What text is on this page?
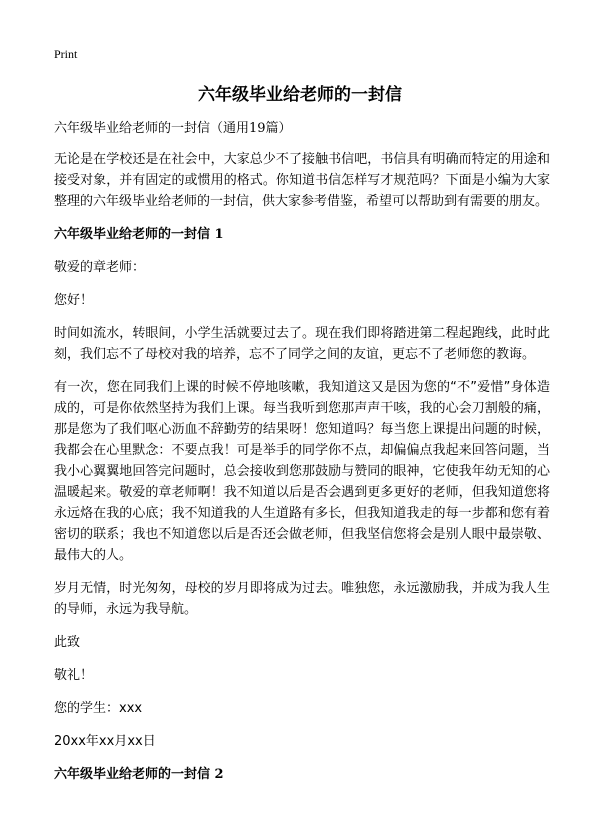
Print
六年级毕业给老师的一封信

六年级毕业给老师的一封信（通用19篇）

无论是在学校还是在社会中，大家总少不了接触书信吧，书信具有明确而特定的用途和接受对象，并有固定的或惯用的格式。你知道书信怎样写才规范吗？下面是小编为大家整理的六年级毕业给老师的一封信，供大家参考借鉴，希望可以帮助到有需要的朋友。

六年级毕业给老师的一封信 1

敬爱的章老师：

您好！

时间如流水，转眼间，小学生活就要过去了。现在我们即将踏进第二程起跑线，此时此刻，我们忘不了母校对我的培养，忘不了同学之间的友谊，更忘不了老师您的教诲。

有一次，您在同我们上课的时候不停地咳嗽，我知道这又是因为您的“不”爱惜”身体造成的，可是你依然坚持为我们上课。每当我听到您那声声干咳，我的心会刀割般的痛，那是您为了我们呕心沥血不辞勤劳的结果呀！您知道吗？每当您上课提出问题的时候，我都会在心里默念：不要点我！可是举手的同学你不点，却偏偏点我起来回答问题，当我小心翼翼地回答完问题时，总会接收到您那鼓励与赞同的眼神，它使我年幼无知的心温暖起来。敬爱的章老师啊！我不知道以后是否会遇到更多更好的老师，但我知道您将永远烙在我的心底；我不知道我的人生道路有多长，但我知道我走的每一步都和您有着密切的联系；我也不知道您以后是否还会做老师，但我坚信您将会是别人眼中最崇敬、最伟大的人。

岁月无情，时光匆匆，母校的岁月即将成为过去。唯独您，永远激励我，并成为我人生的导师，永远为我导航。

此致

敬礼！

您的学生：xxx

20xx年xx月xx日

六年级毕业给老师的一封信 2
